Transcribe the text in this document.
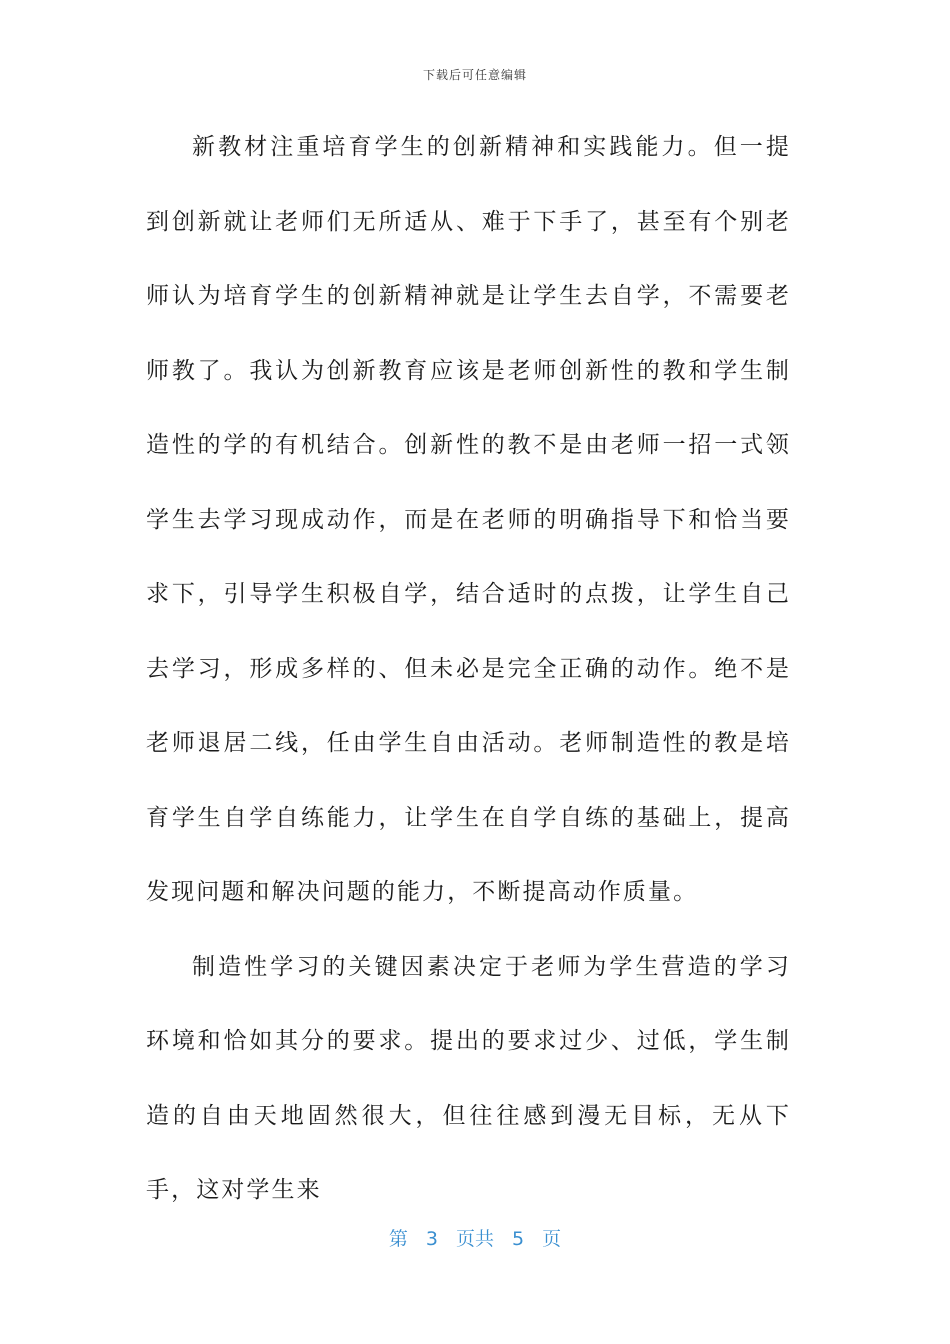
下载后可任意编辑

新教材注重培育学生的创新精神和实践能力。但一提到创新就让老师们无所适从、难于下手了，甚至有个别老师认为培育学生的创新精神就是让学生去自学，不需要老师教了。我认为创新教育应该是老师创新性的教和学生制造性的学的有机结合。创新性的教不是由老师一招一式领学生去学习现成动作，而是在老师的明确指导下和恰当要求下，引导学生积极自学，结合适时的点拨，让学生自己去学习，形成多样的、但未必是完全正确的动作。绝不是老师退居二线，任由学生自由活动。老师制造性的教是培育学生自学自练能力，让学生在自学自练的基础上，提高发现问题和解决问题的能力，不断提高动作质量。

制造性学习的关键因素决定于老师为学生营造的学习环境和恰如其分的要求。提出的要求过少、过低，学生制造的自由天地固然很大，但往往感到漫无目标，无从下手，这对学生来

第 3 页共 5 页
